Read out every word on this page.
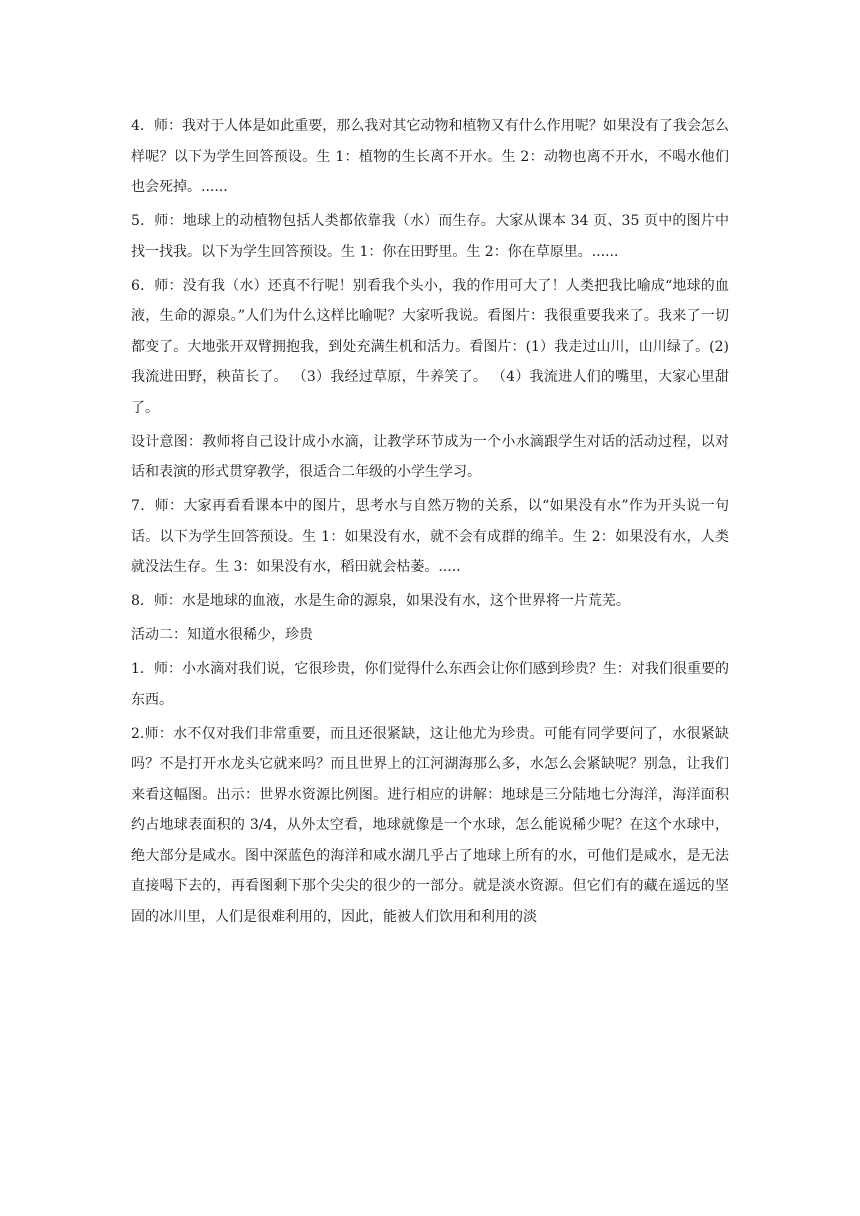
4．师：我对于人体是如此重要，那么我对其它动物和植物又有什么作用呢？如果没有了我会怎么样呢？以下为学生回答预设。生 1：植物的生长离不开水。生 2：动物也离不开水，不喝水他们也会死掉。......

5．师：地球上的动植物包括人类都依靠我（水）而生存。大家从课本 34 页、35 页中的图片中找一找我。以下为学生回答预设。生 1：你在田野里。生 2：你在草原里。......

6．师：没有我（水）还真不行呢！别看我个头小，我的作用可大了！人类把我比喻成“地球的血液，生命的源泉。”人们为什么这样比喻呢？大家听我说。看图片：我很重要我来了。我来了一切都变了。大地张开双臂拥抱我，到处充满生机和活力。看图片：(1）我走过山川，山川绿了。(2)我流进田野，秧苗长了。 （3）我经过草原，牛养笑了。 （4）我流进人们的嘴里，大家心里甜了。

设计意图：教师将自己设计成小水滴，让教学环节成为一个小水滴跟学生对话的活动过程，以对话和表演的形式贯穿教学，很适合二年级的小学生学习。

7．师：大家再看看课本中的图片，思考水与自然万物的关系，以“如果没有水”作为开头说一句话。以下为学生回答预设。生 1：如果没有水，就不会有成群的绵羊。生 2：如果没有水，人类就没法生存。生 3：如果没有水，稻田就会枯萎。.....

8．师：水是地球的血液，水是生命的源泉，如果没有水，这个世界将一片荒芜。

活动二：知道水很稀少，珍贵

1．师：小水滴对我们说，它很珍贵，你们觉得什么东西会让你们感到珍贵？生：对我们很重要的东西。

2.师：水不仅对我们非常重要，而且还很紧缺，这让他尤为珍贵。可能有同学要问了，水很紧缺吗？不是打开水龙头它就来吗？而且世界上的江河湖海那么多，水怎么会紧缺呢？别急，让我们来看这幅图。出示：世界水资源比例图。进行相应的讲解：地球是三分陆地七分海洋，海洋面积约占地球表面积的 3/4，从外太空看，地球就像是一个水球，怎么能说稀少呢？在这个水球中，绝大部分是咸水。图中深蓝色的海洋和咸水湖几乎占了地球上所有的水，可他们是咸水，是无法直接喝下去的，再看图剩下那个尖尖的很少的一部分。就是淡水资源。但它们有的藏在遥远的坚固的冰川里，人们是很难利用的，因此，能被人们饮用和利用的淡
